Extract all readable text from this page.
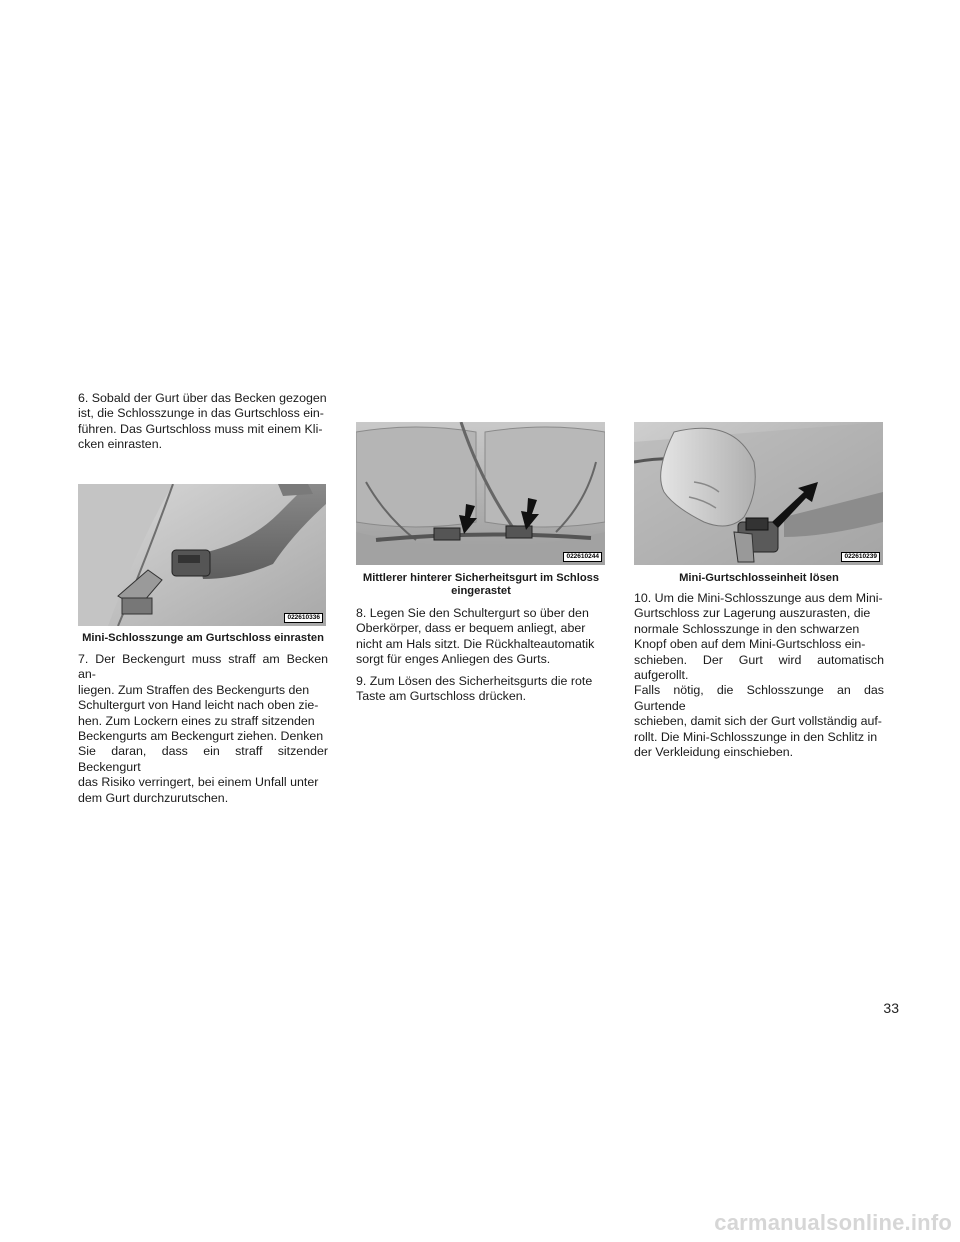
6. Sobald der Gurt über das Becken gezogen
ist, die Schlosszunge in das Gurtschloss ein-
führen. Das Gurtschloss muss mit einem Kli-
cken einrasten.

022610336

Mini-Schlosszunge am Gurtschloss einrasten

7. Der Beckengurt muss straff am Becken an-
liegen. Zum Straffen des Beckengurts den
Schultergurt von Hand leicht nach oben zie-
hen. Zum Lockern eines zu straff sitzenden
Beckengurts am Beckengurt ziehen. Denken
Sie daran, dass ein straff sitzender Beckengurt
das Risiko verringert, bei einem Unfall unter
dem Gurt durchzurutschen.

022610244

Mittlerer hinterer Sicherheitsgurt im Schloss
eingerastet

8. Legen Sie den Schultergurt so über den
Oberkörper, dass er bequem anliegt, aber
nicht am Hals sitzt. Die Rückhalteautomatik
sorgt für enges Anliegen des Gurts.

9. Zum Lösen des Sicherheitsgurts die rote
Taste am Gurtschloss drücken.

022610239

Mini-Gurtschlosseinheit lösen

10. Um die Mini-Schlosszunge aus dem Mini-
Gurtschloss zur Lagerung auszurasten, die
normale Schlosszunge in den schwarzen
Knopf oben auf dem Mini-Gurtschloss ein-
schieben. Der Gurt wird automatisch aufgerollt.
Falls nötig, die Schlosszunge an das Gurtende
schieben, damit sich der Gurt vollständig auf-
rollt. Die Mini-Schlosszunge in den Schlitz in
der Verkleidung einschieben.

33
carmanualsonline.info
